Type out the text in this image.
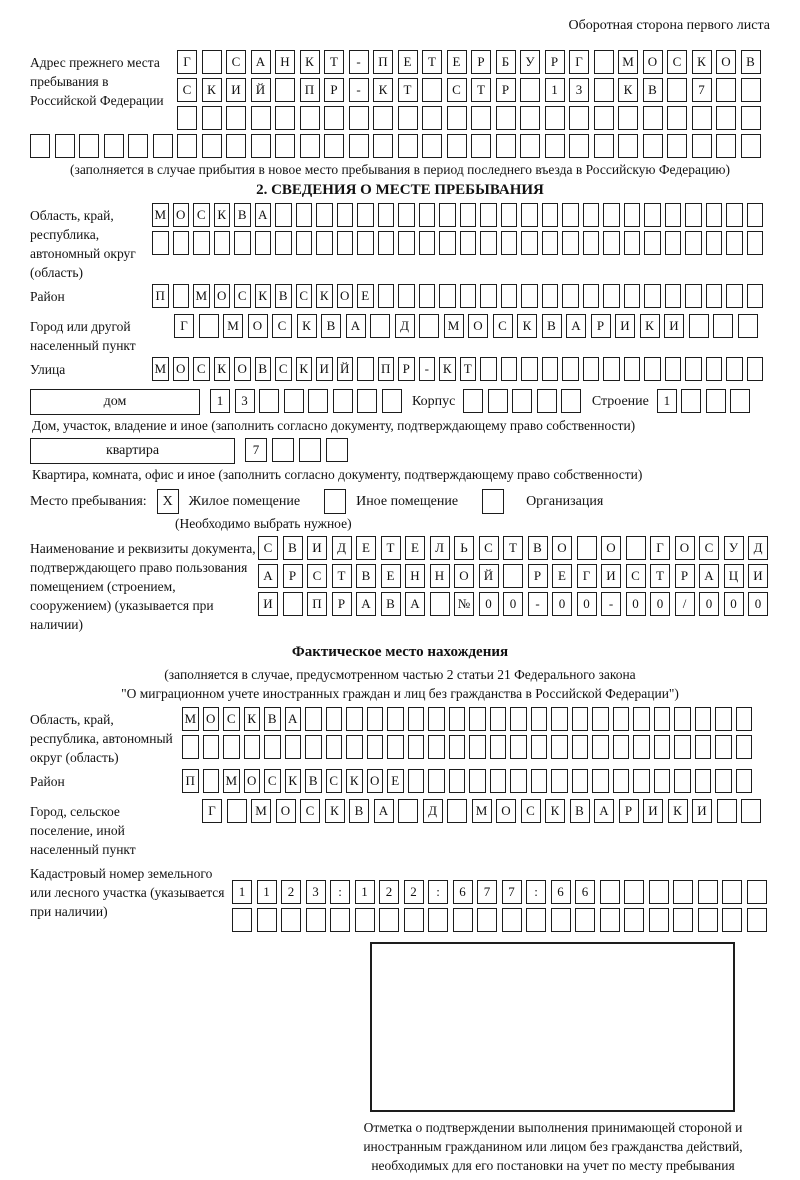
Оборотная сторона первого листа
Адрес прежнего места пребывания в Российской Федерации
Г	С	А	Н	К	Т	-	П	Е	Т	Е	Р	Б	У	Р	Г	М	О	С	К	О	В
С	К	И	Й	П	Р	-	К	Т	С	Т	Р	1	3	К	В	7
(заполняется в случае прибытия в новое место пребывания в период последнего въезда в Российскую Федерацию)
2. СВЕДЕНИЯ О МЕСТЕ ПРЕБЫВАНИЯ
Область, край, республика, автономный округ (область)
М О С К В А
Район	П М О С К В С К О Е
Город или другой населенный пункт
Г	М	О	С	К	В	А	Д	М	О	С	К	В	А	Р	И	К	И
Улица	М О С К О В С К И Й П Р	-	К Т
дом	1	3	Корпус	Строение	1
Дом, участок, владение и иное (заполнить согласно документу, подтверждающему право собственности)
квартира	7
Квартира, комната, офис и иное (заполнить согласно документу, подтверждающему право собственности)
Место пребывания:	X	Жилое помещение	Иное помещение	Организация
(Необходимо выбрать нужное)
Наименование и реквизиты документа, подтверждающего право пользования помещением (строением, сооружением) (указывается при наличии)
С	В	И	Д	Е	Т	Е	Л	Ь	С	Т	В	О	О	Г	О	С	У	Д
А	Р	С	Т	В	Е	Н	Н	О	Й	Р	Е	Г	И	С	Т	Р	А	Ц	И
И	П	Р	А	В	А	№	0	0	-	0	0	-	0	0	/	0	0	0
Фактическое место нахождения
(заполняется в случае, предусмотренном частью 2 статьи 21 Федерального закона
"О миграционном учете иностранных граждан и лиц без гражданства в Российской Федерации")
Область, край, республика, автономный округ (область)
М О С К В А
Район	П М О С К В С К О Е
Город, сельское поселение, иной населенный пункт
Г	М	О	С	К	В	А	Д	М	О	С	К	В	А	Р	И	К	И
Кадастровый номер земельного или лесного участка (указывается при наличии)
1	1	2	3	:	1	2	2	:	6	7	7	:	6	6
Отметка о подтверждении выполнения принимающей стороной и иностранным гражданином или лицом без гражданства действий, необходимых для его постановки на учет по месту пребывания
